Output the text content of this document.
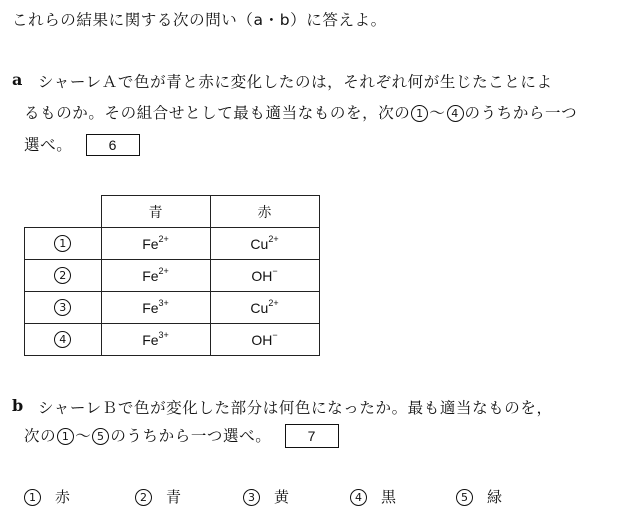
これらの結果に関する次の問い（a・b）に答えよ。
a シャーレＡで色が青と赤に変化したのは，それぞれ何が生じたことによ
るものか。その組合せとして最も適当なものを，次の 1 ～ 4 のうちから一つ
選べ。	6
	青	赤
1	$Fe^{2+}$	$Cu^{2+}$
2	$Fe^{2+}$	OH−
3	$Fe^{3+}$	$Cu^{2+}$
4	$Fe^{3+}$	OH−
b シャーレＢで色が変化した部分は何色になったか。最も適当なものを，
次の 1 ～ 5 のうちから一つ選べ。	7
1 赤	2 青	3 黄	4 黒	5 緑
